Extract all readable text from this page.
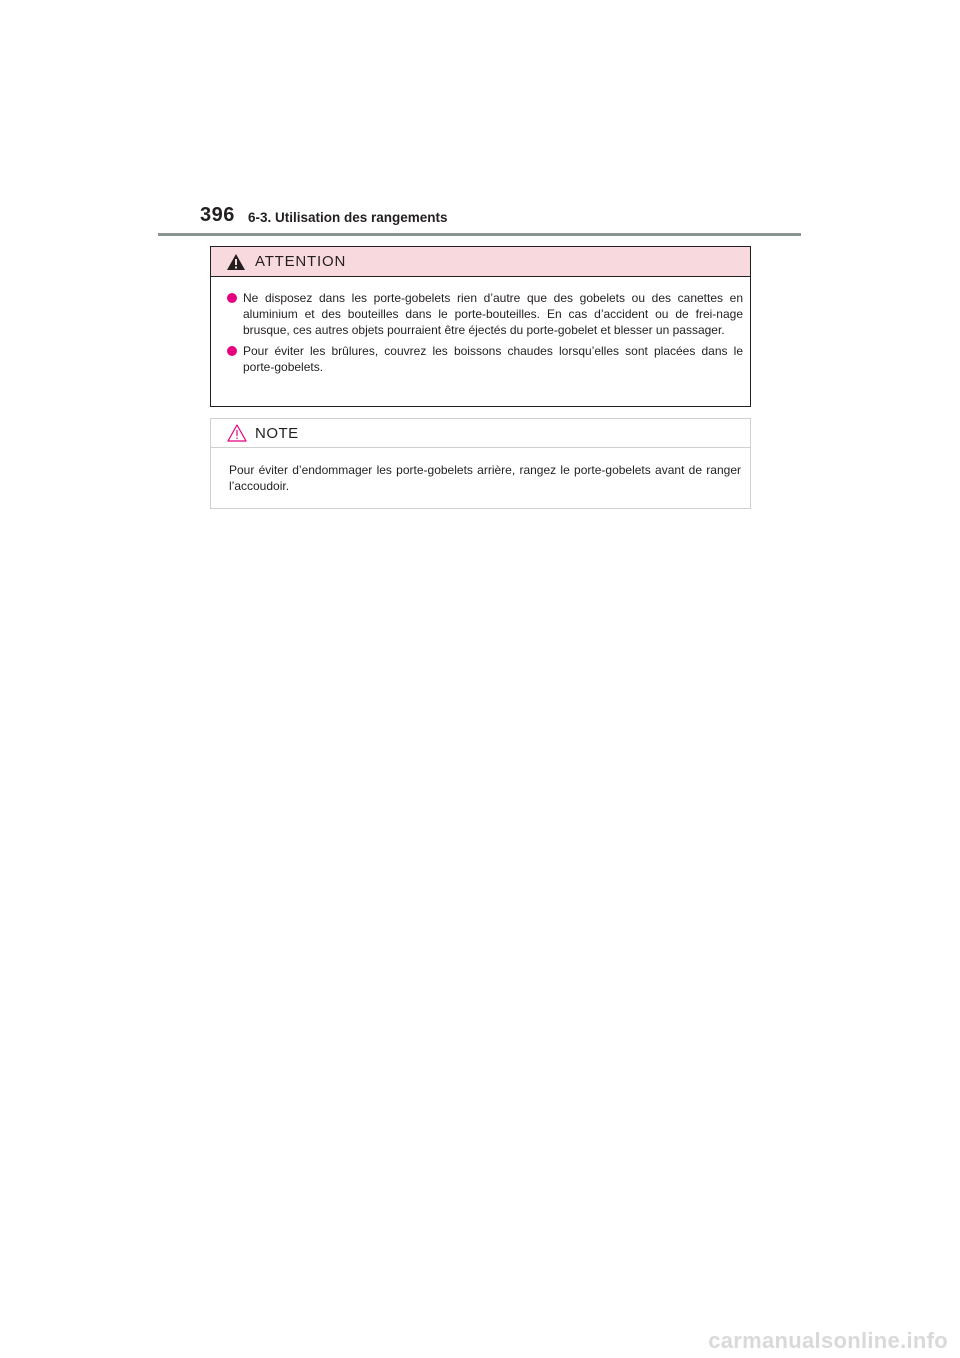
396 6-3. Utilisation des rangements
ATTENTION
Ne disposez dans les porte-gobelets rien d’autre que des gobelets ou des canettes en aluminium et des bouteilles dans le porte-bouteilles. En cas d’accident ou de frei-nage brusque, ces autres objets pourraient être éjectés du porte-gobelet et blesser un passager.
Pour éviter les brûlures, couvrez les boissons chaudes lorsqu’elles sont placées dans le porte-gobelets.
NOTE
Pour éviter d’endommager les porte-gobelets arrière, rangez le porte-gobelets avant de ranger l’accoudoir.
carmanualsonline.info
